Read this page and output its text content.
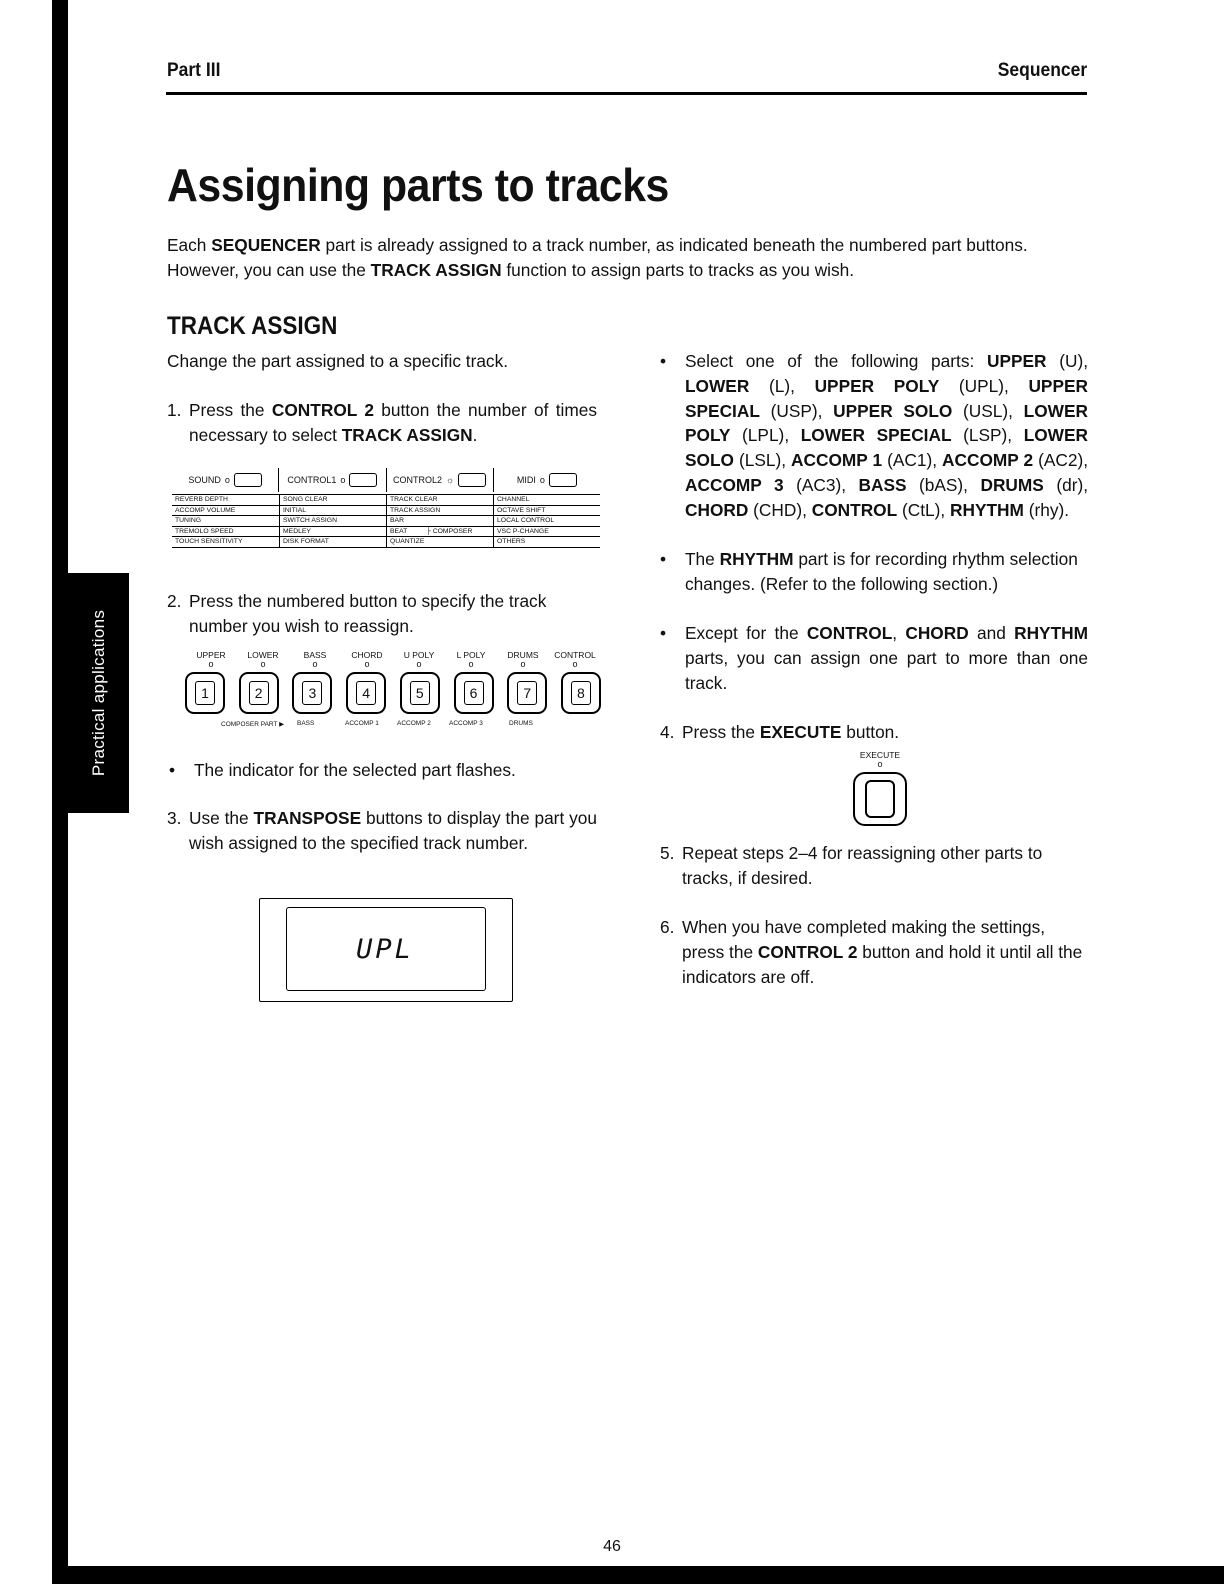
Practical applications
Part III	Sequencer
Assigning parts to tracks

Each SEQUENCER part is already assigned to a track number, as indicated beneath the numbered part buttons. However, you can use the TRACK ASSIGN function to assign parts to tracks as you wish.

TRACK ASSIGN

Change the part assigned to a specific track.

1. Press the CONTROL 2 button the number of times necessary to select TRACK ASSIGN.
SOUND o	CONTROL1 o	CONTROL2 ☼	MIDI o
REVERB DEPTH	SONG CLEAR	TRACK CLEAR	CHANNEL
ACCOMP VOLUME	INITIAL	TRACK ASSIGN	OCTAVE SHIFT
TUNING	SWITCH ASSIGN	BAR	LOCAL CONTROL
TREMOLO SPEED	MEDLEY	BEAT          ├ COMPOSER	VSC P-CHANGE
TOUCH SENSITIVITY	DISK FORMAT	QUANTIZE	OTHERS
2. Press the numbered button to specify the track number you wish to reassign.
UPPER	LOWER	BASS	CHORD	U POLY	L POLY	DRUMS	CONTROL
o	o	o	o	o	o	o	o
1	2	3	4	5	6	7	8
COMPOSER PART ▶	BASS	ACCOMP 1	ACCOMP 2	ACCOMP 3	DRUMS
•	The indicator for the selected part flashes.
3. Use the TRANSPOSE buttons to display the part you wish assigned to the specified track number.
UPL
•	Select one of the following parts: UPPER (U), LOWER (L), UPPER POLY (UPL), UPPER SPECIAL (USP), UPPER SOLO (USL), LOWER POLY (LPL), LOWER SPECIAL (LSP), LOWER SOLO (LSL), ACCOMP 1 (AC1), ACCOMP 2 (AC2), ACCOMP 3 (AC3), BASS (bAS), DRUMS (dr), CHORD (CHD), CONTROL (CtL), RHYTHM (rhy).
•	The RHYTHM part is for recording rhythm selection changes. (Refer to the following section.)
•	Except for the CONTROL, CHORD and RHYTHM parts, you can assign one part to more than one track.
4. Press the EXECUTE button.
EXECUTE
o
5. Repeat steps 2–4 for reassigning other parts to tracks, if desired.
6. When you have completed making the settings, press the CONTROL 2 button and hold it until all the indicators are off.
46
